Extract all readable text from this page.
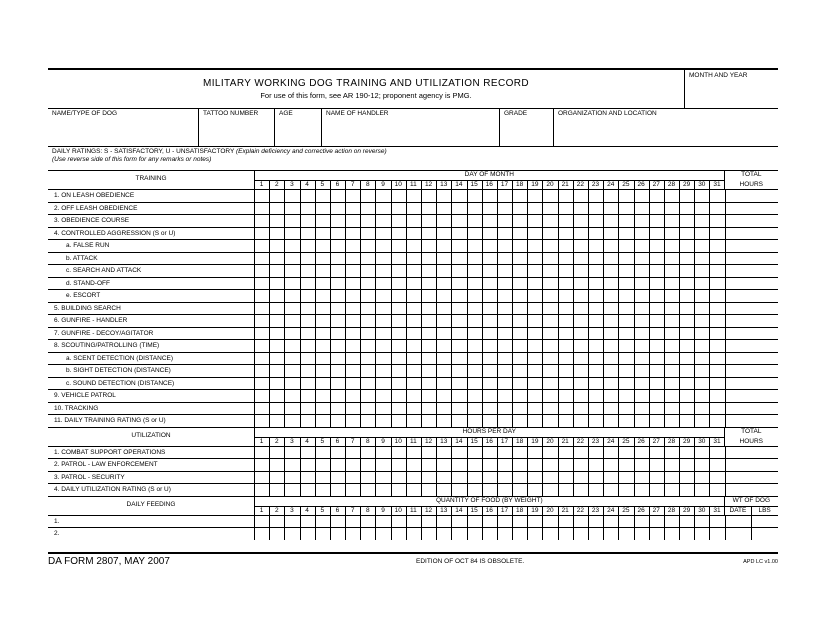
MILITARY WORKING DOG TRAINING AND UTILIZATION RECORD
For use of this form, see AR 190-12; proponent agency is PMG.
MONTH AND YEAR
NAME/TYPE OF DOG	TATTOO NUMBER	AGE	NAME OF HANDLER	GRADE	ORGANIZATION AND LOCATION
DAILY RATINGS: S - SATISFACTORY, U - UNSATISFACTORY (Explain deficiency and corrective action on reverse)
(Use reverse side of this form for any remarks or notes)
TRAINING
DAY OF MONTH
1	2	3	4	5	6	7	8	9	10	11	12	13	14	15	16	17	18	19	20	21	22	23	24	25	26	27	28	29	30	31
TOTAL
HOURS
1. ON LEASH OBEDIENCE
2. OFF LEASH OBEDIENCE
3. OBEDIENCE COURSE
4. CONTROLLED AGGRESSION (S or U)
a. FALSE RUN
b. ATTACK
c. SEARCH AND ATTACK
d. STAND-OFF
e. ESCORT
5. BUILDING SEARCH
6. GUNFIRE - HANDLER
7. GUNFIRE - DECOY/AGITATOR
8. SCOUTING/PATROLLING (TIME)
a. SCENT DETECTION (DISTANCE)
b. SIGHT DETECTION (DISTANCE)
c. SOUND DETECTION (DISTANCE)
9. VEHICLE PATROL
10. TRACKING
11. DAILY TRAINING RATING (S or U)
UTILIZATION
HOURS PER DAY
1	2	3	4	5	6	7	8	9	10	11	12	13	14	15	16	17	18	19	20	21	22	23	24	25	26	27	28	29	30	31
TOTAL
HOURS
1. COMBAT SUPPORT OPERATIONS
2. PATROL - LAW ENFORCEMENT
3. PATROL - SECURITY
4. DAILY UTILIZATION RATING (S or U)
DAILY FEEDING
QUANTITY OF FOOD (BY WEIGHT)
1	2	3	4	5	6	7	8	9	10	11	12	13	14	15	16	17	18	19	20	21	22	23	24	25	26	27	28	29	30	31
WT OF DOG
DATE	LBS
1.
2.
DA FORM 2807, MAY 2007	EDITION OF OCT 84 IS OBSOLETE.	APD LC v1.00
